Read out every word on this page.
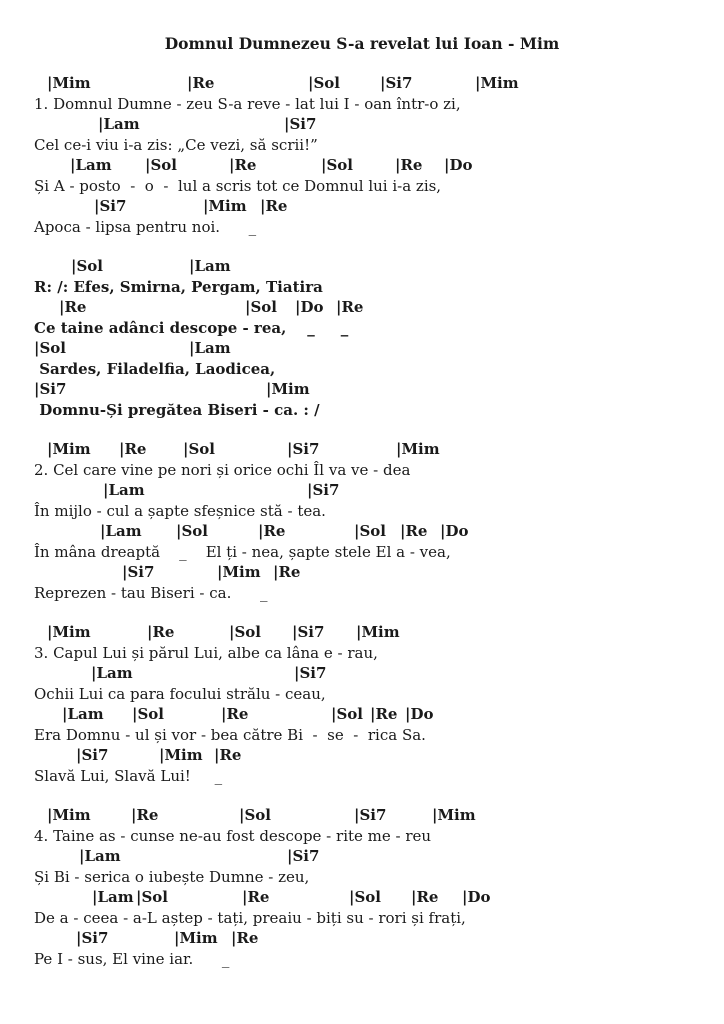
Domnul Dumnezeu S-a revelat lui Ioan - Mim
|Mim	|Re	|Sol	|Si7	|Mim
1. Domnul Dumne - zeu S-a reve - lat lui I - oan într-o zi,
|Lam	|Si7
Cel ce-i viu i-a zis: „Ce vezi, să scrii!”
|Lam |Sol	|Re	|Sol	|Re |Do
Și A - posto  -  o  -  lul a scris tot ce Domnul lui i-a zis,
|Si7	|Mim |Re
Apoca - lipsa pentru noi.      _
|Sol	|Lam
R: /: Efes, Smirna, Pergam, Tiatira
|Re	|Sol |Do |Re
Ce taine adânci descope - rea,    _     _
|Sol	|Lam
Sardes, Filadelfia, Laodicea,
|Si7	|Mim
Domnu-Și pregătea Biseri - ca. : /
|Mim |Re |Sol	|Si7	|Mim
2. Cel care vine pe nori și orice ochi Îl va ve - dea
|Lam	|Si7
În mijlo - cul a șapte sfeșnice stă - tea.
|Lam |Sol	|Re	|Sol |Re |Do
În mâna dreaptă    _    El ți - nea, șapte stele El a - vea,
|Si7	|Mim |Re
Reprezen - tau Biseri - ca.      _
|Mim	|Re	|Sol |Si7 |Mim
3. Capul Lui și părul Lui, albe ca lâna e - rau,
|Lam	|Si7
Ochii Lui ca para focului strălu - ceau,
|Lam |Sol	|Re	|Sol |Re |Do
Era Domnu - ul și vor - bea către Bi  -  se  -  rica Sa.
|Si7	|Mim |Re
Slavă Lui, Slavă Lui!     _
|Mim	|Re	|Sol	|Si7	|Mim
4. Taine as - cunse ne-au fost descope - rite me - reu
|Lam	|Si7
Și Bi - serica o iubește Dumne - zeu,
|Lam |Sol	|Re	|Sol |Re |Do
De a - ceea - a-L aștep - tați, preaiu - biți su - rori și frați,
|Si7	|Mim |Re
Pe I - sus, El vine iar.      _
